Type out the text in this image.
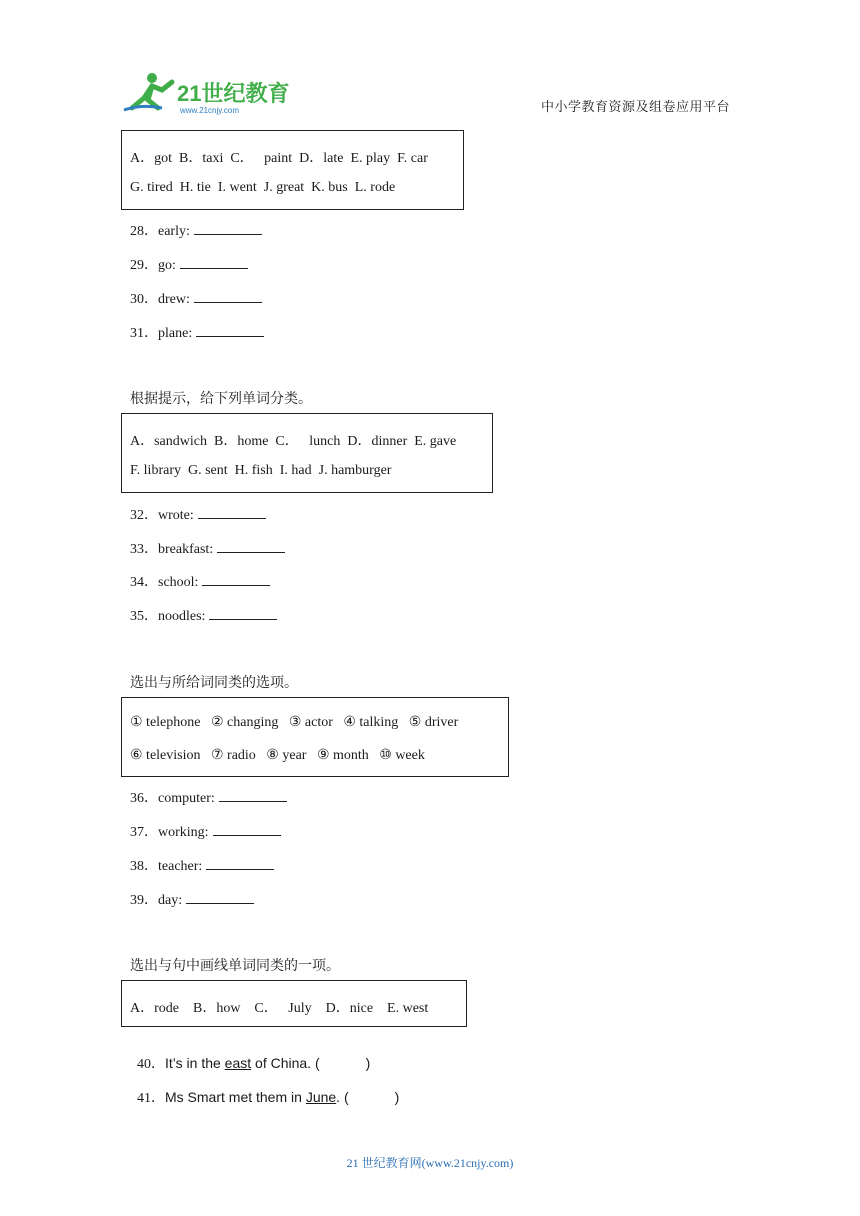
21世纪教育
www.21cnjy.com	中小学教育资源及组卷应用平台
A．got  B．taxi  C．   paint  D．late  E. play  F. car
G. tired  H. tie  I. went  J. great  K. bus  L. rode
28．early:
29．go:
30．drew:
31．plane:
根据提示，给下列单词分类。
A．sandwich  B．home  C．   lunch  D．dinner  E. gave
F. library  G. sent  H. fish  I. had  J. hamburger
32．wrote:
33．breakfast:
34．school:
35．noodles:
选出与所给词同类的选项。
① telephone   ② changing   ③ actor   ④ talking   ⑤ driver
⑥ television   ⑦ radio   ⑧ year   ⑨ month   ⑩ week
36．computer:
37．working:
38．teacher:
39．day:
选出与句中画线单词同类的一项。
A．rode    B．how    C．   July    D．nice    E. west

40．It’s in the east of China. (	)

41．Ms Smart met them in June. (	)

21 世纪教育网(www.21cnjy.com)
